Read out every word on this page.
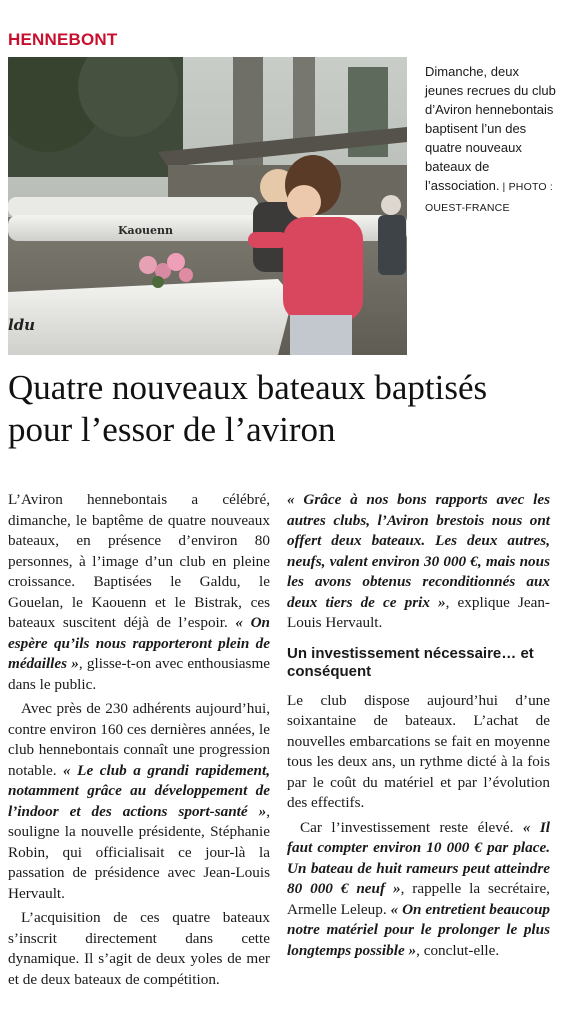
HENNEBONT
Kaouenn
ldu
Dimanche, deux jeunes recrues du club d’Aviron hennebontais baptisent l’un des quatre nouveaux bateaux de l’association. | PHOTO : OUEST-FRANCE
Quatre nouveaux bateaux baptisés pour l’essor de l’aviron

L’Aviron hennebontais a célébré, dimanche, le baptême de quatre nouveaux bateaux, en présence d’environ 80 personnes, à l’image d’un club en pleine croissance. Baptisées le Galdu, le Gouelan, le Kaouenn et le Bistrak, ces bateaux suscitent déjà de l’espoir. « On espère qu’ils nous rapporteront plein de médailles », glisse-t-on avec enthousiasme dans le public.

Avec près de 230 adhérents aujourd’hui, contre environ 160 ces dernières années, le club hennebontais connaît une progression notable. « Le club a grandi rapidement, notamment grâce au développement de l’indoor et des actions sport-santé », souligne la nouvelle présidente, Stéphanie Robin, qui officialisait ce jour-là la passation de présidence avec Jean-Louis Hervault.

L’acquisition de ces quatre bateaux s’inscrit directement dans cette dynamique. Il s’agit de deux yoles de mer et de deux bateaux de compétition.

« Grâce à nos bons rapports avec les autres clubs, l’Aviron brestois nous ont offert deux bateaux. Les deux autres, neufs, valent environ 30 000 €, mais nous les avons obtenus reconditionnés aux deux tiers de ce prix », explique Jean-Louis Hervault.

Un investissement nécessaire… et conséquent

Le club dispose aujourd’hui d’une soixantaine de bateaux. L’achat de nouvelles embarcations se fait en moyenne tous les deux ans, un rythme dicté à la fois par le coût du matériel et par l’évolution des effectifs.

Car l’investissement reste élevé. « Il faut compter environ 10 000 € par place. Un bateau de huit rameurs peut atteindre 80 000 € neuf », rappelle la secrétaire, Armelle Leleup. « On entretient beaucoup notre matériel pour le prolonger le plus longtemps possible », conclut-elle.
